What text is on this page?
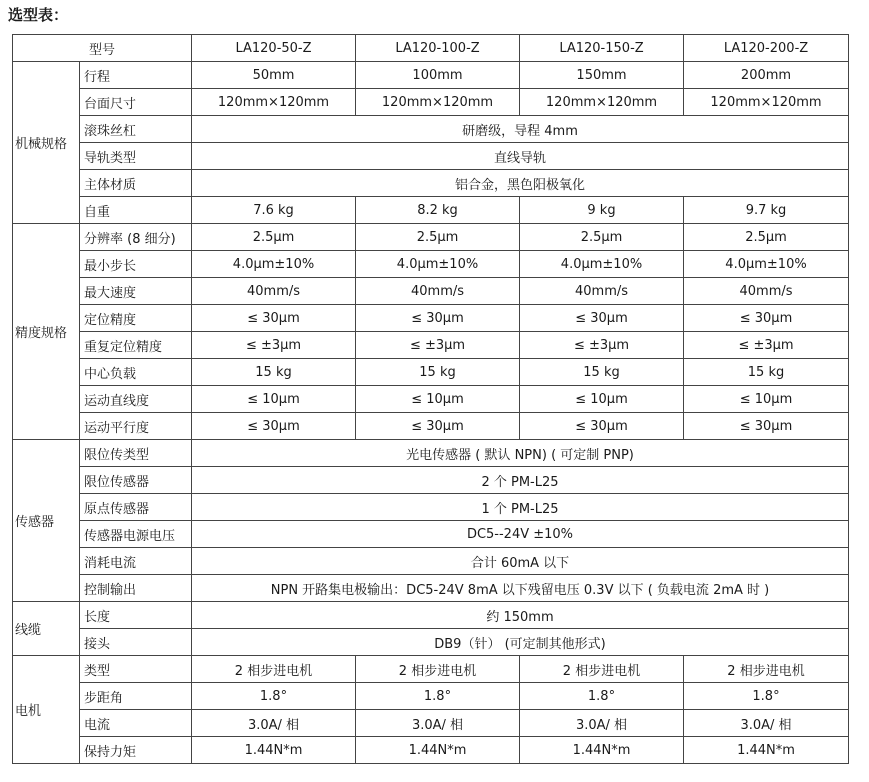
选型表：
型号		LA120-50-Z	LA120-100-Z	LA120-150-Z	LA120-200-Z
机械规格	行程	50mm	100mm	150mm	200mm
	台面尺寸	120mm×120mm	120mm×120mm	120mm×120mm	120mm×120mm
	滚珠丝杠	研磨级，导程 4mm			
	导轨类型	直线导轨			
	主体材质	铝合金，黑色阳极氧化			
	自重	7.6 kg	8.2 kg	9 kg	9.7 kg
精度规格	分辨率 (8 细分)	2.5μm	2.5μm	2.5μm	2.5μm
	最小步长	4.0μm±10%	4.0μm±10%	4.0μm±10%	4.0μm±10%
	最大速度	40mm/s	40mm/s	40mm/s	40mm/s
	定位精度	≤ 30μm	≤ 30μm	≤ 30μm	≤ 30μm
	重复定位精度	≤ ±3μm	≤ ±3μm	≤ ±3μm	≤ ±3μm
	中心负载	15 kg	15 kg	15 kg	15 kg
	运动直线度	≤ 10μm	≤ 10μm	≤ 10μm	≤ 10μm
	运动平行度	≤ 30μm	≤ 30μm	≤ 30μm	≤ 30μm
传感器	限位传类型	光电传感器 ( 默认 NPN) ( 可定制 PNP)			
	限位传感器	2 个 PM-L25			
	原点传感器	1 个 PM-L25			
	传感器电源电压	DC5--24V ±10%			
	消耗电流	合计 60mA 以下			
	控制输出	NPN 开路集电极输出：DC5-24V 8mA 以下残留电压 0.3V 以下 ( 负载电流 2mA 时 )			
线缆	长度	约 150mm			
	接头	DB9（针） (可定制其他形式)			
电机	类型	2 相步进电机	2 相步进电机	2 相步进电机	2 相步进电机
	步距角	1.8°	1.8°	1.8°	1.8°
	电流	3.0A/ 相	3.0A/ 相	3.0A/ 相	3.0A/ 相
	保持力矩	1.44N*m	1.44N*m	1.44N*m	1.44N*m
